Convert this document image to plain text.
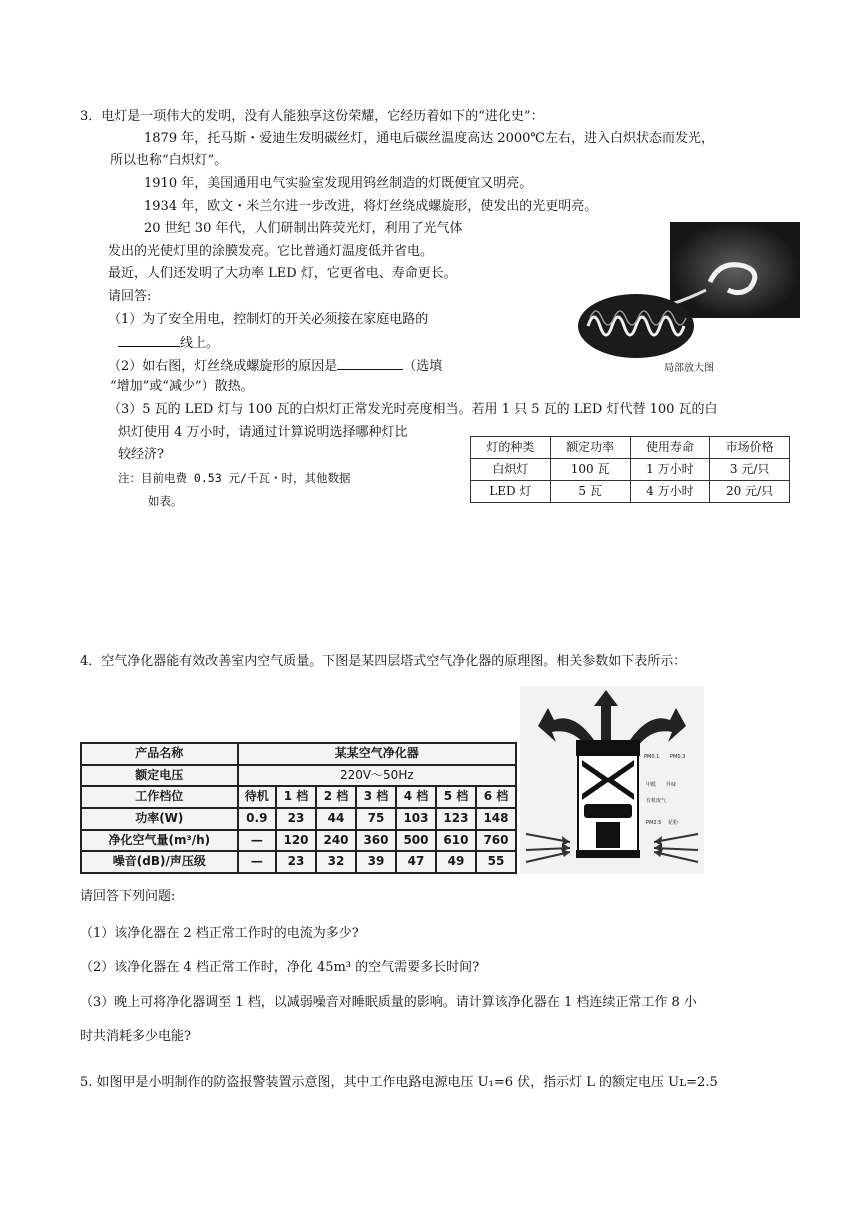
3．电灯是一项伟大的发明，没有人能独享这份荣耀，它经历着如下的“进化史”：
1879 年，托马斯・爱迪生发明碳丝灯，通电后碳丝温度高达 2000℃左右，进入白炽状态而发光，
所以也称“白炽灯”。
1910 年，美国通用电气实验室发现用钨丝制造的灯既便宜又明亮。
1934 年，欧文・米兰尔进一步改进，将灯丝绕成螺旋形，使发出的光更明亮。
20 世纪 30 年代，人们研制出阵荧光灯，利用了光气体
发出的光使灯里的涂膜发亮。它比普通灯温度低并省电。
最近，人们还发明了大功率 LED 灯，它更省电、寿命更长。
请回答:
（1）为了安全用电，控制灯的开关必须接在家庭电路的
线上。
（2）如右图，灯丝绕成螺旋形的原因是	（选填
“增加”或“减少”）散热。
（3）5 瓦的 LED 灯与 100 瓦的白炽灯正常发光时亮度相当。若用 1 只 5 瓦的 LED 灯代替 100 瓦的白
炽灯使用 4 万小时，请通过计算说明选择哪种灯比
较经济?
注：目前电费 0.53 元/千瓦・时，其他数据
如表。
局部放大图
灯的种类	额定功率	使用寿命	市场价格
白炽灯	100 瓦	1 万小时	3 元/只
LED 灯	5 瓦	4 万小时	20 元/只
4．空气净化器能有效改善室内空气质量。下图是某四层塔式空气净化器的原理图。相关参数如下表所示：
产品名称	某某空气净化器						
额定电压	220V～50Hz						
工作档位	待机	1 档	2 档	3 档	4 档	5 档	6 档
功率(W)	0.9	23	44	75	103	123	148
净化空气量(m³/h)	—	120	240	360	500	610	760
噪音(dB)/声压级	—	23	32	39	47	49	55
PM0.1 PM0.3
甲醛 异味
有机废气
PM2.5 花粉
请回答下列问题:
（1）该净化器在 2 档正常工作时的电流为多少?
（2）该净化器在 4 档正常工作时，净化 45m³ 的空气需要多长时间?
（3）晚上可将净化器调至 1 档，以减弱噪音对睡眠质量的影响。请计算该净化器在 1 档连续正常工作 8 小
时共消耗多少电能?
5. 如图甲是小明制作的防盗报警装置示意图，其中工作电路电源电压 U₁=6 伏，指示灯 L 的额定电压 Uʟ=2.5
